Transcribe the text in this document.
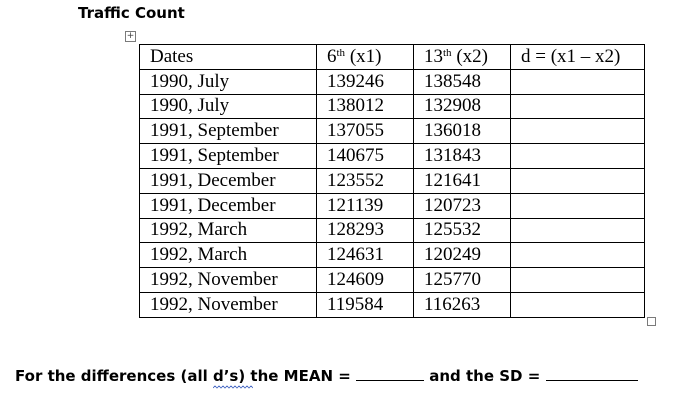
Traffic Count
+
Dates	6th (x1)	13th (x2)	d = (x1 – x2)
1990, July	139246	138548	
1990, July	138012	132908	
1991, September	137055	136018	
1991, September	140675	131843	
1991, December	123552	121641	
1991, December	121139	120723	
1992, March	128293	125532	
1992, March	124631	120249	
1992, November	124609	125770	
1992, November	119584	116263	
For the differences (all d’s)
the MEAN =	and the SD =
